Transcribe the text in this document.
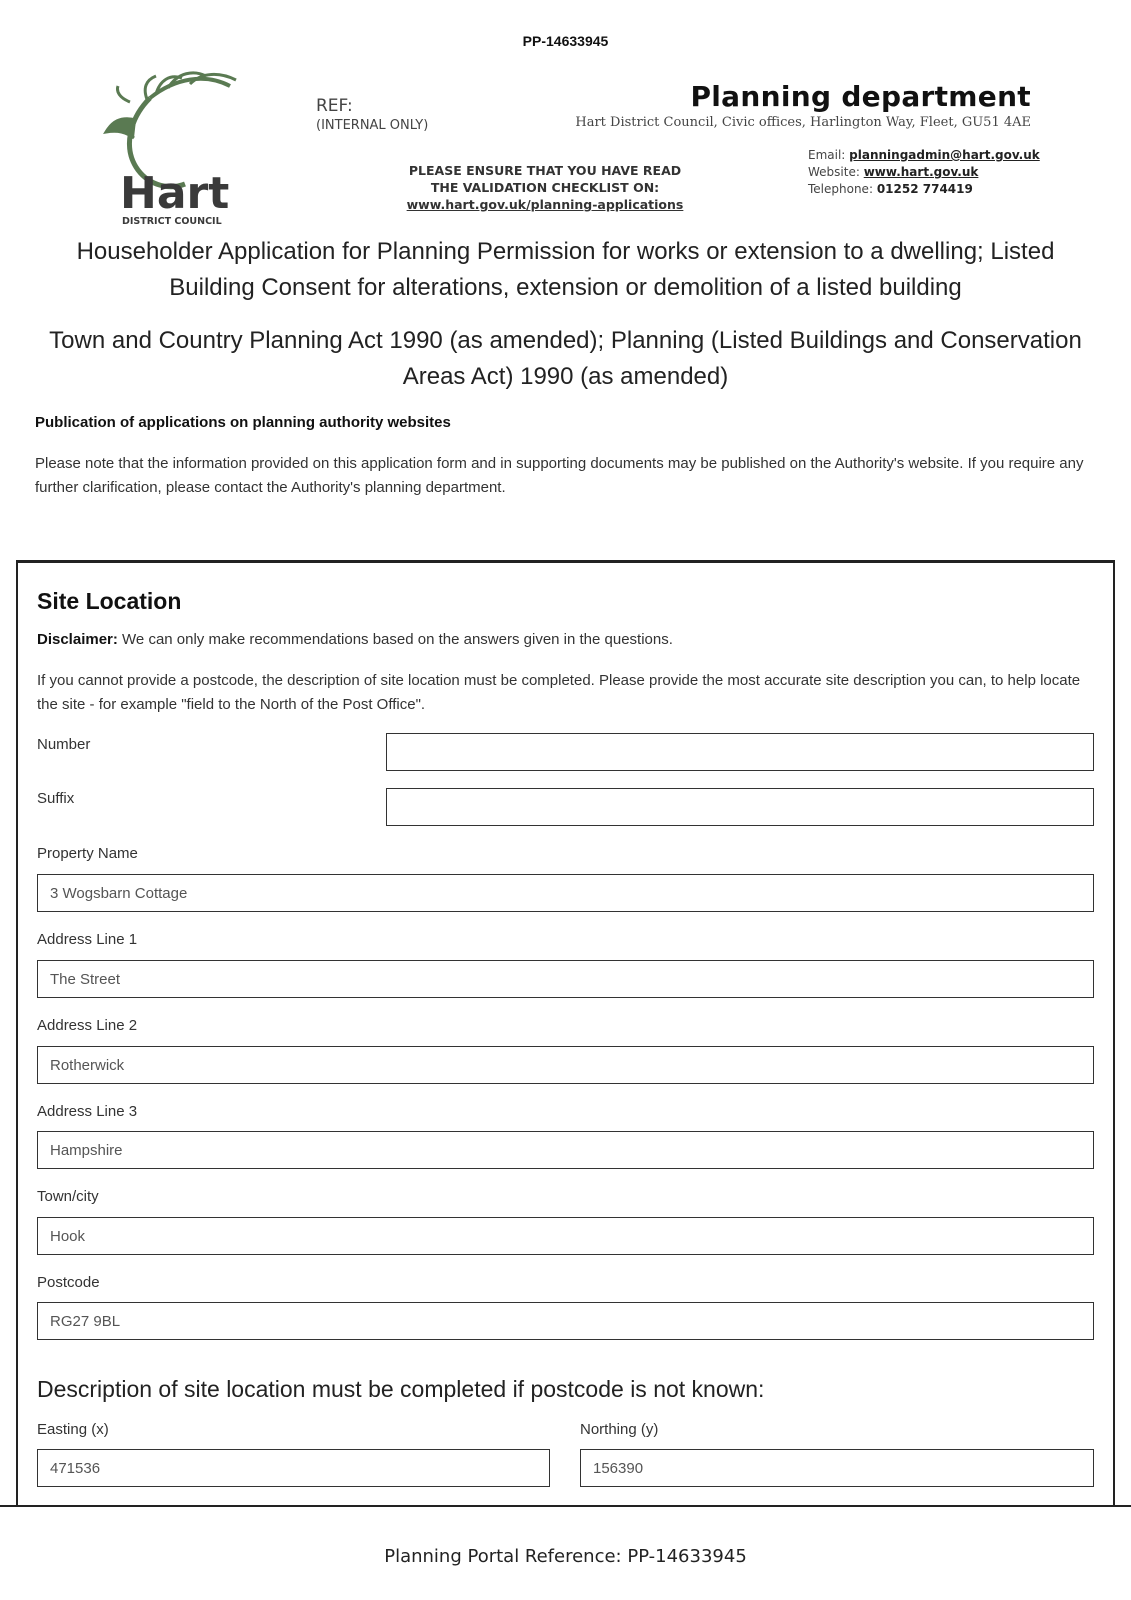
PP-14633945
Hart
DISTRICT COUNCIL
REF:
(INTERNAL ONLY)
PLEASE ENSURE THAT YOU HAVE READ
THE VALIDATION CHECKLIST ON:
www.hart.gov.uk/planning-applications
Planning department
Hart District Council, Civic offices, Harlington Way, Fleet, GU51 4AE
Email: planningadmin@hart.gov.uk
Website: www.hart.gov.uk
Telephone: 01252 774419
Householder Application for Planning Permission for works or extension to a dwelling; Listed
Building Consent for alterations, extension or demolition of a listed building
Town and Country Planning Act 1990 (as amended); Planning (Listed Buildings and Conservation
Areas Act) 1990 (as amended)
Publication of applications on planning authority websites
Please note that the information provided on this application form and in supporting documents may be published on the Authority's website. If you require any further clarification, please contact the Authority's planning department.
Site Location
Disclaimer: We can only make recommendations based on the answers given in the questions.
If you cannot provide a postcode, the description of site location must be completed. Please provide the most accurate site description you can, to help locate the site - for example "field to the North of the Post Office".
Number
Suffix
Property Name
3 Wogsbarn Cottage
Address Line 1
The Street
Address Line 2
Rotherwick
Address Line 3
Hampshire
Town/city
Hook
Postcode
RG27 9BL
Description of site location must be completed if postcode is not known:
Easting (x)
471536
Northing (y)
156390
Planning Portal Reference: PP-14633945
